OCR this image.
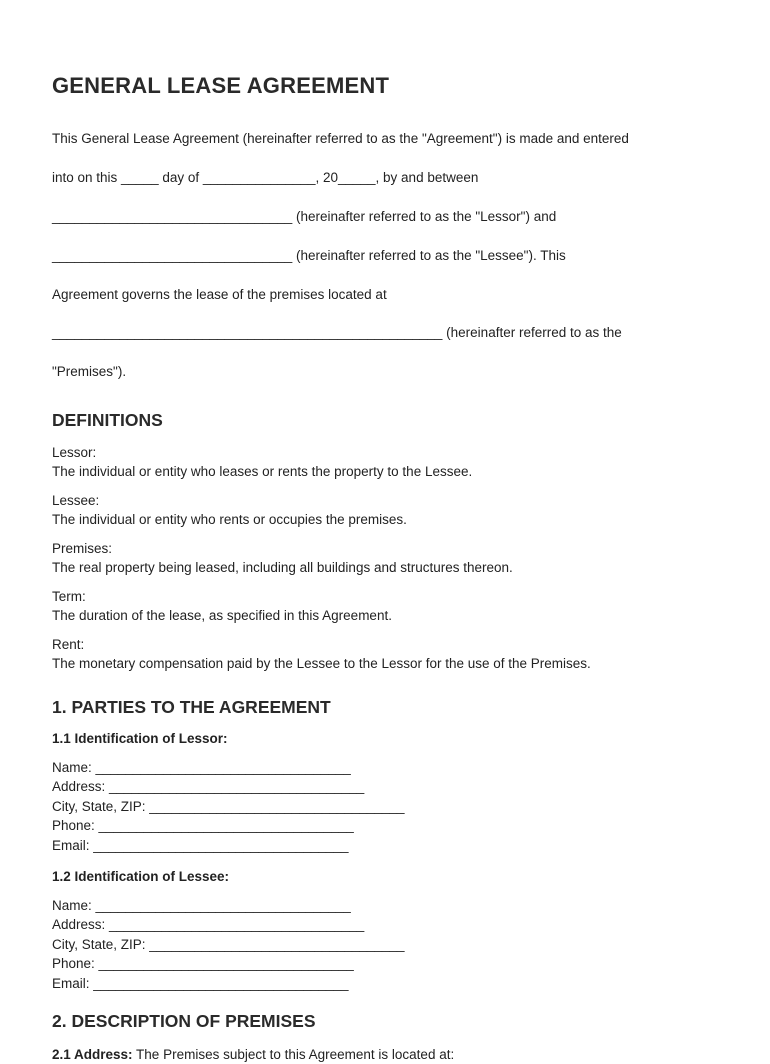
GENERAL LEASE AGREEMENT

This General Lease Agreement (hereinafter referred to as the "Agreement") is made and entered

into on this _____ day of _______________, 20_____, by and between

________________________________ (hereinafter referred to as the "Lessor") and

________________________________ (hereinafter referred to as the "Lessee"). This

Agreement governs the lease of the premises located at

____________________________________________________ (hereinafter referred to as the

"Premises").

DEFINITIONS
Lessor:
The individual or entity who leases or rents the property to the Lessee.
Lessee:
The individual or entity who rents or occupies the premises.
Premises:
The real property being leased, including all buildings and structures thereon.
Term:
The duration of the lease, as specified in this Agreement.
Rent:
The monetary compensation paid by the Lessee to the Lessor for the use of the Premises.
1. PARTIES TO THE AGREEMENT
1.1 Identification of Lessor:
Name: __________________________________
Address: __________________________________
City, State, ZIP: __________________________________
Phone: __________________________________
Email: __________________________________
1.2 Identification of Lessee:
Name: __________________________________
Address: __________________________________
City, State, ZIP: __________________________________
Phone: __________________________________
Email: __________________________________
2. DESCRIPTION OF PREMISES
2.1 Address: The Premises subject to this Agreement is located at:
